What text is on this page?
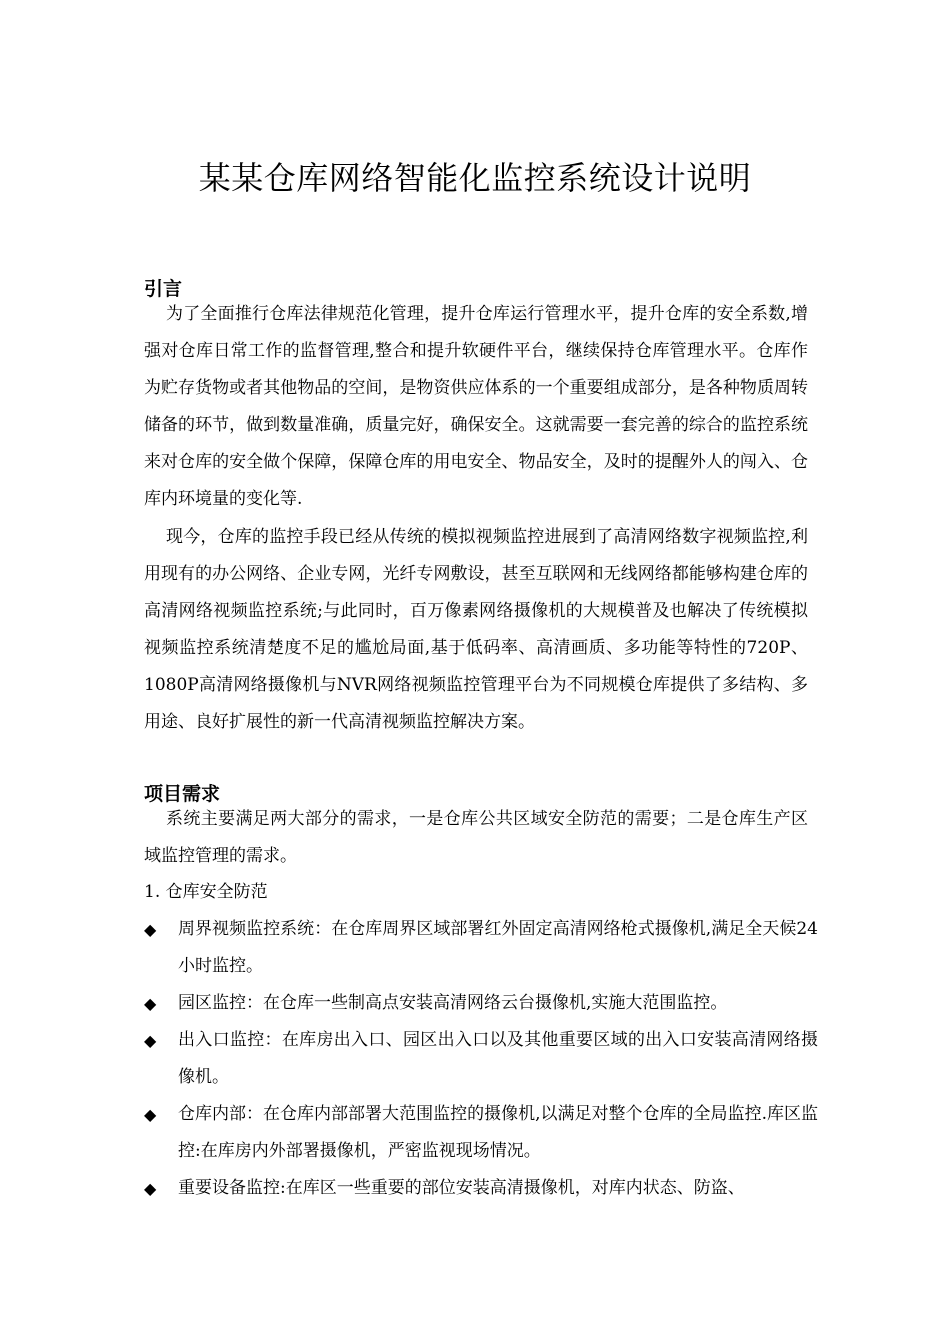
某某仓库网络智能化监控系统设计说明
引言
为了全面推行仓库法律规范化管理，提升仓库运行管理水平，提升仓库的安全系数,增强对仓库日常工作的监督管理,整合和提升软硬件平台，继续保持仓库管理水平。仓库作为贮存货物或者其他物品的空间，是物资供应体系的一个重要组成部分，是各种物质周转储备的环节，做到数量准确，质量完好，确保安全。这就需要一套完善的综合的监控系统来对仓库的安全做个保障，保障仓库的用电安全、物品安全，及时的提醒外人的闯入、仓库内环境量的变化等.
现今，仓库的监控手段已经从传统的模拟视频监控进展到了高清网络数字视频监控,利用现有的办公网络、企业专网，光纤专网敷设，甚至互联网和无线网络都能够构建仓库的高清网络视频监控系统;与此同时，百万像素网络摄像机的大规模普及也解决了传统模拟视频监控系统清楚度不足的尴尬局面,基于低码率、高清画质、多功能等特性的720P、1080P高清网络摄像机与NVR网络视频监控管理平台为不同规模仓库提供了多结构、多用途、良好扩展性的新一代高清视频监控解决方案。
项目需求
系统主要满足两大部分的需求，一是仓库公共区域安全防范的需要；二是仓库生产区域监控管理的需求。
1. 仓库安全防范
◆ 周界视频监控系统：在仓库周界区域部署红外固定高清网络枪式摄像机,满足全天候24小时监控。
◆ 园区监控：在仓库一些制高点安装高清网络云台摄像机,实施大范围监控。
◆ 出入口监控：在库房出入口、园区出入口以及其他重要区域的出入口安装高清网络摄像机。
◆ 仓库内部：在仓库内部部署大范围监控的摄像机,以满足对整个仓库的全局监控.库区监控:在库房内外部署摄像机，严密监视现场情况。
◆ 重要设备监控:在库区一些重要的部位安装高清摄像机，对库内状态、防盗、
